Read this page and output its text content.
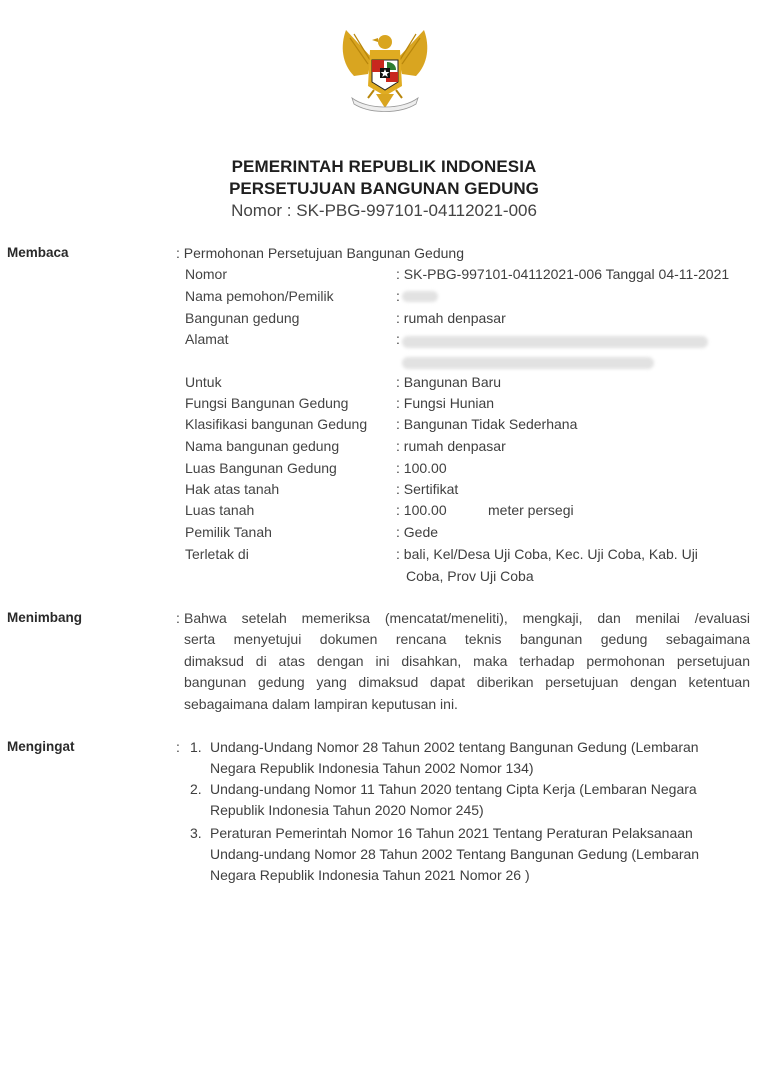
PEMERINTAH REPUBLIK INDONESIA
PERSETUJUAN BANGUNAN GEDUNG
Nomor : SK-PBG-997101-04112021-006
Membaca	: Permohonan Persetujuan Bangunan Gedung
Nomor	: SK-PBG-997101-04112021-006 Tanggal 04-11-2021
Nama pemohon/Pemilik	:
Bangunan gedung	: rumah denpasar
Alamat	:
Untuk	: Bangunan Baru
Fungsi Bangunan Gedung	: Fungsi Hunian
Klasifikasi bangunan Gedung : Bangunan Tidak Sederhana
Nama bangunan gedung	: rumah denpasar
Luas Bangunan Gedung	: 100.00
Hak atas tanah	: Sertifikat
Luas tanah	: 100.00	meter persegi
Pemilik Tanah	: Gede
Terletak di	: bali, Kel/Desa Uji Coba, Kec. Uji Coba, Kab. Uji
Coba, Prov Uji Coba
Menimbang	: Bahwa setelah memeriksa (mencatat/meneliti), mengkaji, dan menilai /evaluasi
serta menyetujui dokumen rencana teknis bangunan gedung sebagaimana
dimaksud di atas dengan ini disahkan, maka terhadap permohonan persetujuan
bangunan gedung yang dimaksud dapat diberikan persetujuan dengan ketentuan
sebagaimana dalam lampiran keputusan ini.
Mengingat	: 1. Undang-Undang Nomor 28 Tahun 2002 tentang Bangunan Gedung (Lembaran
Negara Republik Indonesia Tahun 2002 Nomor 134)
2. Undang-undang Nomor 11 Tahun 2020 tentang Cipta Kerja (Lembaran Negara
Republik Indonesia Tahun 2020 Nomor 245)
3. Peraturan Pemerintah Nomor 16 Tahun 2021 Tentang Peraturan Pelaksanaan
Undang-undang Nomor 28 Tahun 2002 Tentang Bangunan Gedung (Lembaran
Negara Republik Indonesia Tahun 2021 Nomor 26 )
